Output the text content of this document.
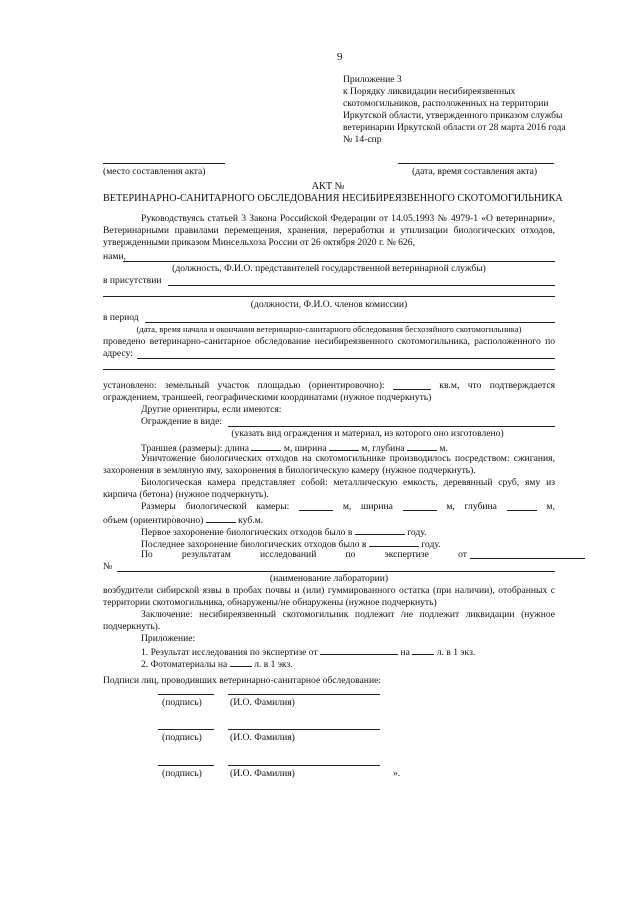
9
Приложение 3
к Порядку ликвидации несибиреязвенных
скотомогильников, расположенных на территории
Иркутской области, утвержденного приказом службы
ветеринарии Иркутской области от 28 марта 2016 года
№ 14-спр
(место составления акта)	(дата, время составления акта)
АКТ №
ВЕТЕРИНАРНО-САНИТАРНОГО ОБСЛЕДОВАНИЯ НЕСИБИРЕЯЗВЕННОГО СКОТОМОГИЛЬНИКА
Руководствуясь статьей 3 Закона Российской Федерации от 14.05.1993 № 4979-1 «О ветеринарии»,
Ветеринарными правилами перемещения, хранения, переработки и утилизации биологических отходов,
утвержденными приказом Минсельхоза России от 26 октября 2020 г. № 626,
нами,
(должность, Ф.И.О. представителей государственной ветеринарной службы)
в присутствии
(должности, Ф.И.О. членов комиссии)
в период
(дата, время начала и окончания ветеринарно-санитарного обследования бесхозяйного скотомогильника)
проведено ветеринарно-санитарное обследование несибиреязвенного скотомогильника, расположенного по
адресу:
установлено: земельный участок площадью (ориентировочно):	кв.м, что подтверждается
ограждением, траншеей, географическими координатами (нужное подчеркнуть)
Другие ориентиры, если имеются:
Ограждение в виде:
(указать вид ограждения и материал, из которого оно изготовлено)
Траншея (размеры): длина	м, ширина	м, глубина	м.
Уничтожение биологических отходов на скотомогильнике производилось посредством: сжигания,
захоронения в земляную яму, захоронения в биологическую камеру (нужное подчеркнуть).
Биологическая камера представляет собой: металлическую емкость, деревянный сруб, яму из
кирпича (бетона) (нужное подчеркнуть).
Размеры биологической камеры:	м, ширина	м, глубина	м,
объем (ориентировочно)	куб.м.
Первое захоронение биологических отходов было в	году.
Последнее захоронение биологических отходов было в	году.
По	результатам	исследований	по	экспертизе	от
№
(наименование лаборатории)
возбудители сибирской язвы в пробах почвы и (или) гуммированного остатка (при наличии), отобранных с
территории скотомогильника, обнаружены/не обнаружены (нужное подчеркнуть)
Заключение: несибиреязвенный скотомогильник подлежит /не подлежит ликвидации (нужное
подчеркнуть).
Приложение:
1. Результат исследования по экспертизе от	на	л. в 1 экз.
2. Фотоматериалы на	л. в 1 экз.
Подписи лиц, проводивших ветеринарно-санитарное обследование:
(подпись)	(И.О. Фамилия)
(подпись)	(И.О. Фамилия)
(подпись)	(И.О. Фамилия)	».
